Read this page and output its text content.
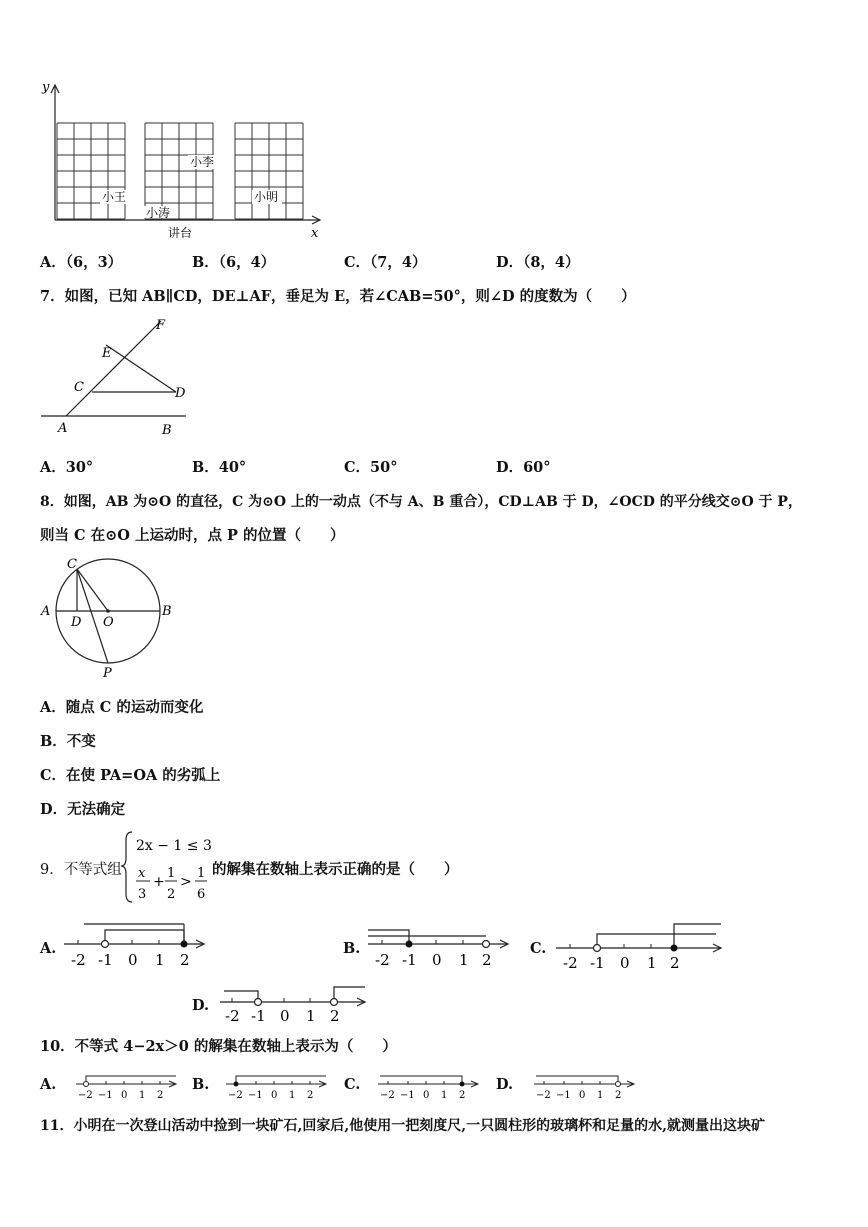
y
x
小王
小涛
小李
小明
讲台
A．（6，3）	B．（6，4）	C．（7，4）	D．（8，4）
7．如图，已知 AB∥CD，DE⊥AF，垂足为 E，若∠CAB=50°，则∠D 的度数为（　　）
F
E
C	D
A	B
A．30°	B．40°	C．50°	D．60°
8．如图，AB 为⊙O 的直径，C 为⊙O 上的一动点（不与 A、B 重合），CD⊥AB 于 D，∠OCD 的平分线交⊙O 于 P，
则当 C 在⊙O 上运动时，点 P 的位置（　　）
C
A	B
D O
P
A．随点 C 的运动而变化
B．不变
C．在使 PA=OA 的劣弧上
D．无法确定
9．不等式组
2x − 1 ≤ 3
x
3
+
1
2
>
1
6
的解集在数轴上表示正确的是（　　）
A.
-2 -1 0 1 2
B.
-2 -1 0 1 2
C.
-2 -1 0 1 2
D.
-2 -1 0 1 2
10．不等式 4−2x＞0 的解集在数轴上表示为（　　）
A.
−2 −1 0 1 2
B.
−2 −1 0 1 2
C.
−2 −1 0 1 2
D.
−2 −1 0 1 2
11．小明在一次登山活动中捡到一块矿石,回家后,他使用一把刻度尺,一只圆柱形的玻璃杯和足量的水,就测量出这块矿
